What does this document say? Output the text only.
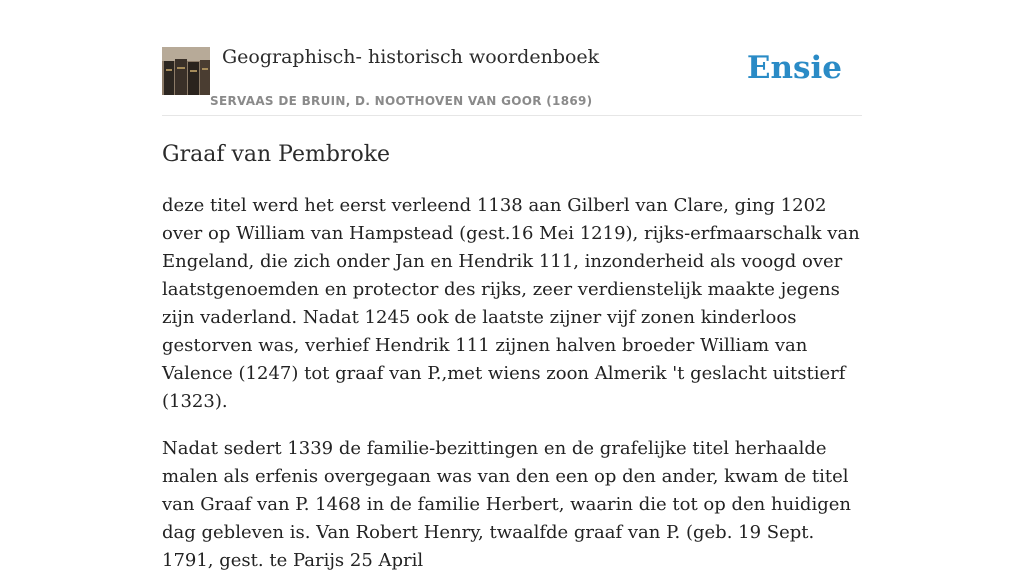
Geographisch- historisch woordenboek
SERVAAS DE BRUIN, D. NOOTHOVEN VAN GOOR (1869)
Ensie
Graaf van Pembroke

deze titel werd het eerst verleend 1138 aan Gilberl van Clare, ging 1202 over op William van Hampstead (gest.16 Mei 1219), rijks-erfmaarschalk van Engeland, die zich onder Jan en Hendrik 111, inzonderheid als voogd over laatstgenoemden en protector des rijks, zeer verdienstelijk maakte jegens zijn vaderland. Nadat 1245 ook de laatste zijner vijf zonen kinderloos gestorven was, verhief Hendrik 111 zijnen halven broeder William van Valence (1247) tot graaf van P.,met wiens zoon Almerik 't geslacht uitstierf (1323).

Nadat sedert 1339 de familie-bezittingen en de grafelijke titel herhaalde malen als erfenis overgegaan was van den een op den ander, kwam de titel van Graaf van P. 1468 in de familie Herbert, waarin die tot op den huidigen dag gebleven is. Van Robert Henry, twaalfde graaf van P. (geb. 19 Sept. 1791, gest. te Parijs 25 April
